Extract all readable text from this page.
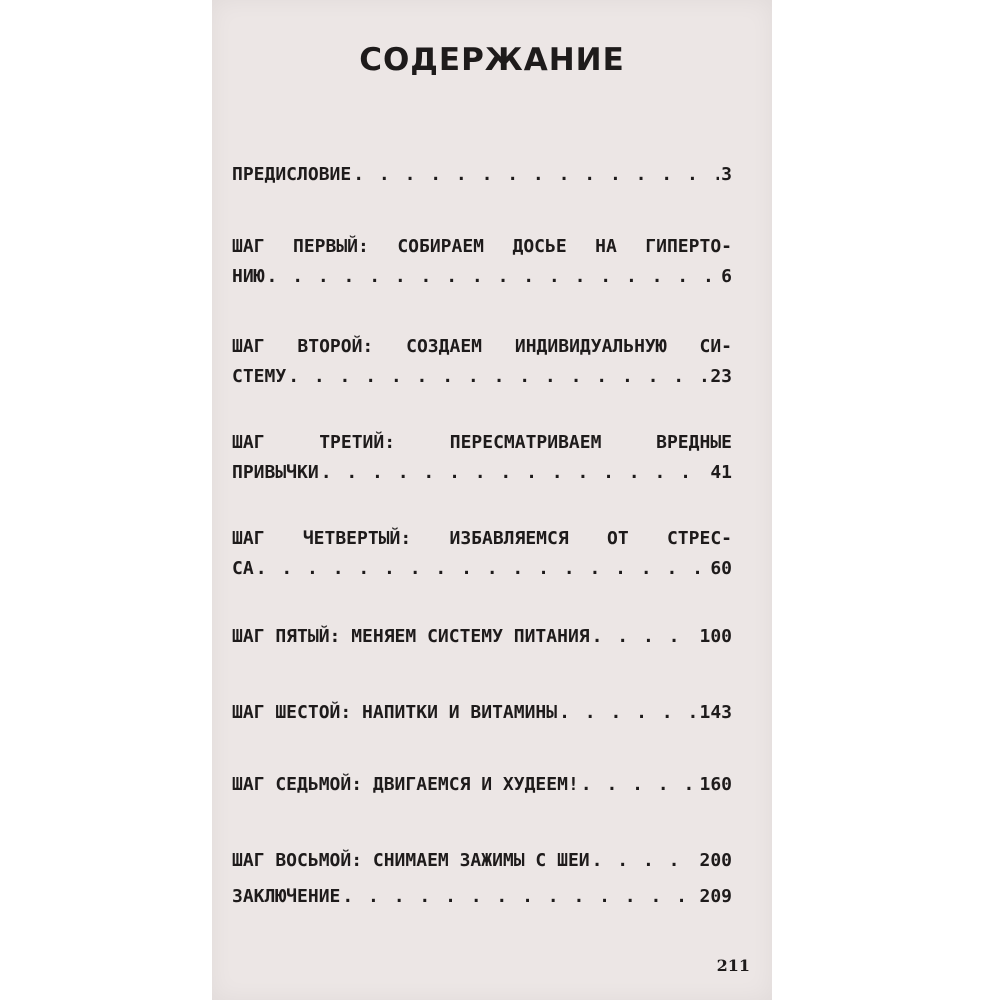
СОДЕРЖАНИЕ
ПРЕДИСЛОВИЕ . . .	3
ШАГ ПЕРВЫЙ: СОБИРАЕМ ДОСЬЕ НА ГИПЕРТО-
НИЮ . . .	6
ШАГ ВТОРОЙ: СОЗДАЕМ ИНДИВИДУАЛЬНУЮ СИ-
СТЕМУ . . .	23
ШАГ ТРЕТИЙ: ПЕРЕСМАТРИВАЕМ ВРЕДНЫЕ
ПРИВЫЧКИ . . .	41
ШАГ ЧЕТВЕРТЫЙ: ИЗБАВЛЯЕМСЯ ОТ СТРЕС-
СА . . .	60
ШАГ ПЯТЫЙ: МЕНЯЕМ СИСТЕМУ ПИТАНИЯ . . .	100
ШАГ ШЕСТОЙ: НАПИТКИ И ВИТАМИНЫ . . .	143
ШАГ СЕДЬМОЙ: ДВИГАЕМСЯ И ХУДЕЕМ! . . .	160
ШАГ ВОСЬМОЙ: СНИМАЕМ ЗАЖИМЫ С ШЕИ . . .	200
ЗАКЛЮЧЕНИЕ . . .	209
211
